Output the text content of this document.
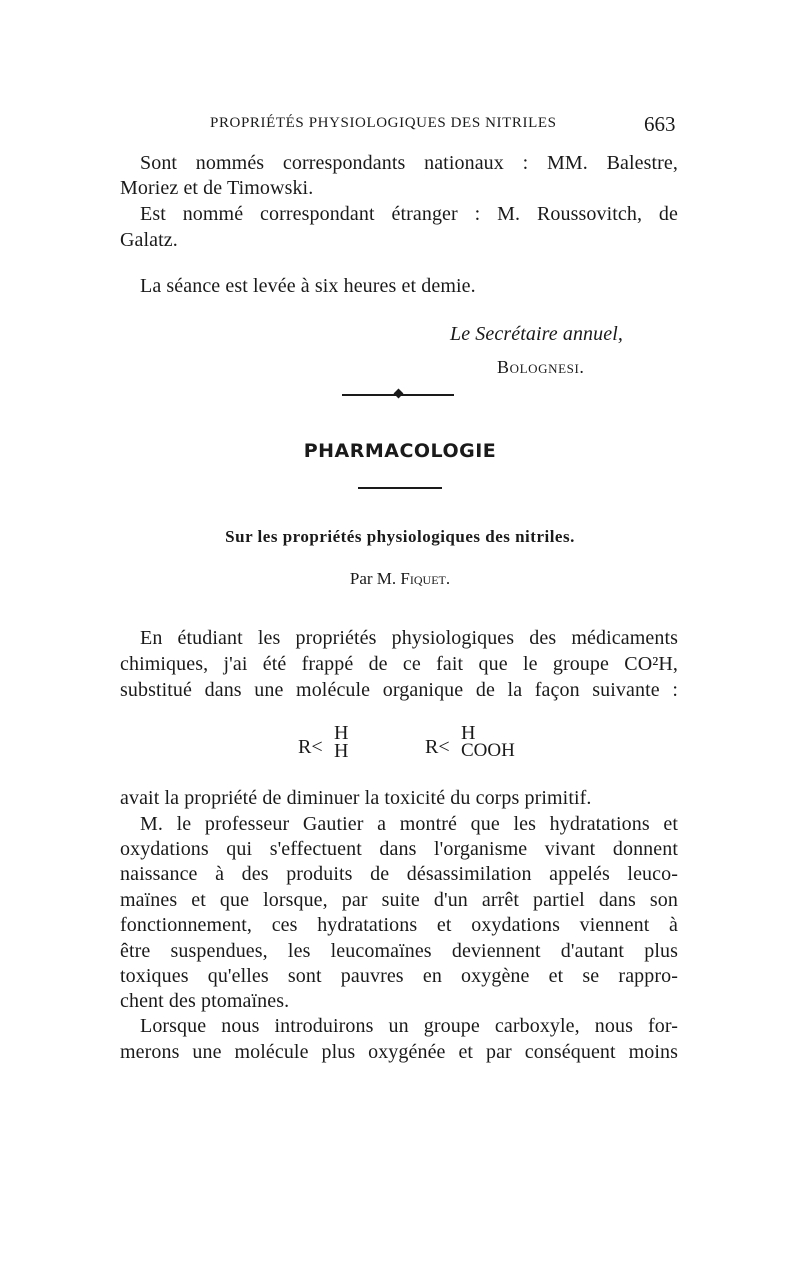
PROPRIÉTÉS PHYSIOLOGIQUES DES NITRILES	663
Sont nommés correspondants nationaux : MM. Balestre,
Moriez et de Timowski.
Est nommé correspondant étranger : M. Roussovitch, de
Galatz.
La séance est levée à six heures et demie.
Le Secrétaire annuel,
Bolognesi.
PHARMACOLOGIE
Sur les propriétés physiologiques des nitriles.
Par M. Fiquet.
En étudiant les propriétés physiologiques des médicaments
chimiques, j'ai été frappé de ce fait que le groupe CO²H,
substitué dans une molécule organique de la façon suivante :
R<
H
H	R<
H
COOH
avait la propriété de diminuer la toxicité du corps primitif.
M. le professeur Gautier a montré que les hydratations et
oxydations qui s'effectuent dans l'organisme vivant donnent
naissance à des produits de désassimilation appelés leuco-
maïnes et que lorsque, par suite d'un arrêt partiel dans son
fonctionnement, ces hydratations et oxydations viennent à
être suspendues, les leucomaïnes deviennent d'autant plus
toxiques qu'elles sont pauvres en oxygène et se rappro-
chent des ptomaïnes.
Lorsque nous introduirons un groupe carboxyle, nous for-
merons une molécule plus oxygénée et par conséquent moins
